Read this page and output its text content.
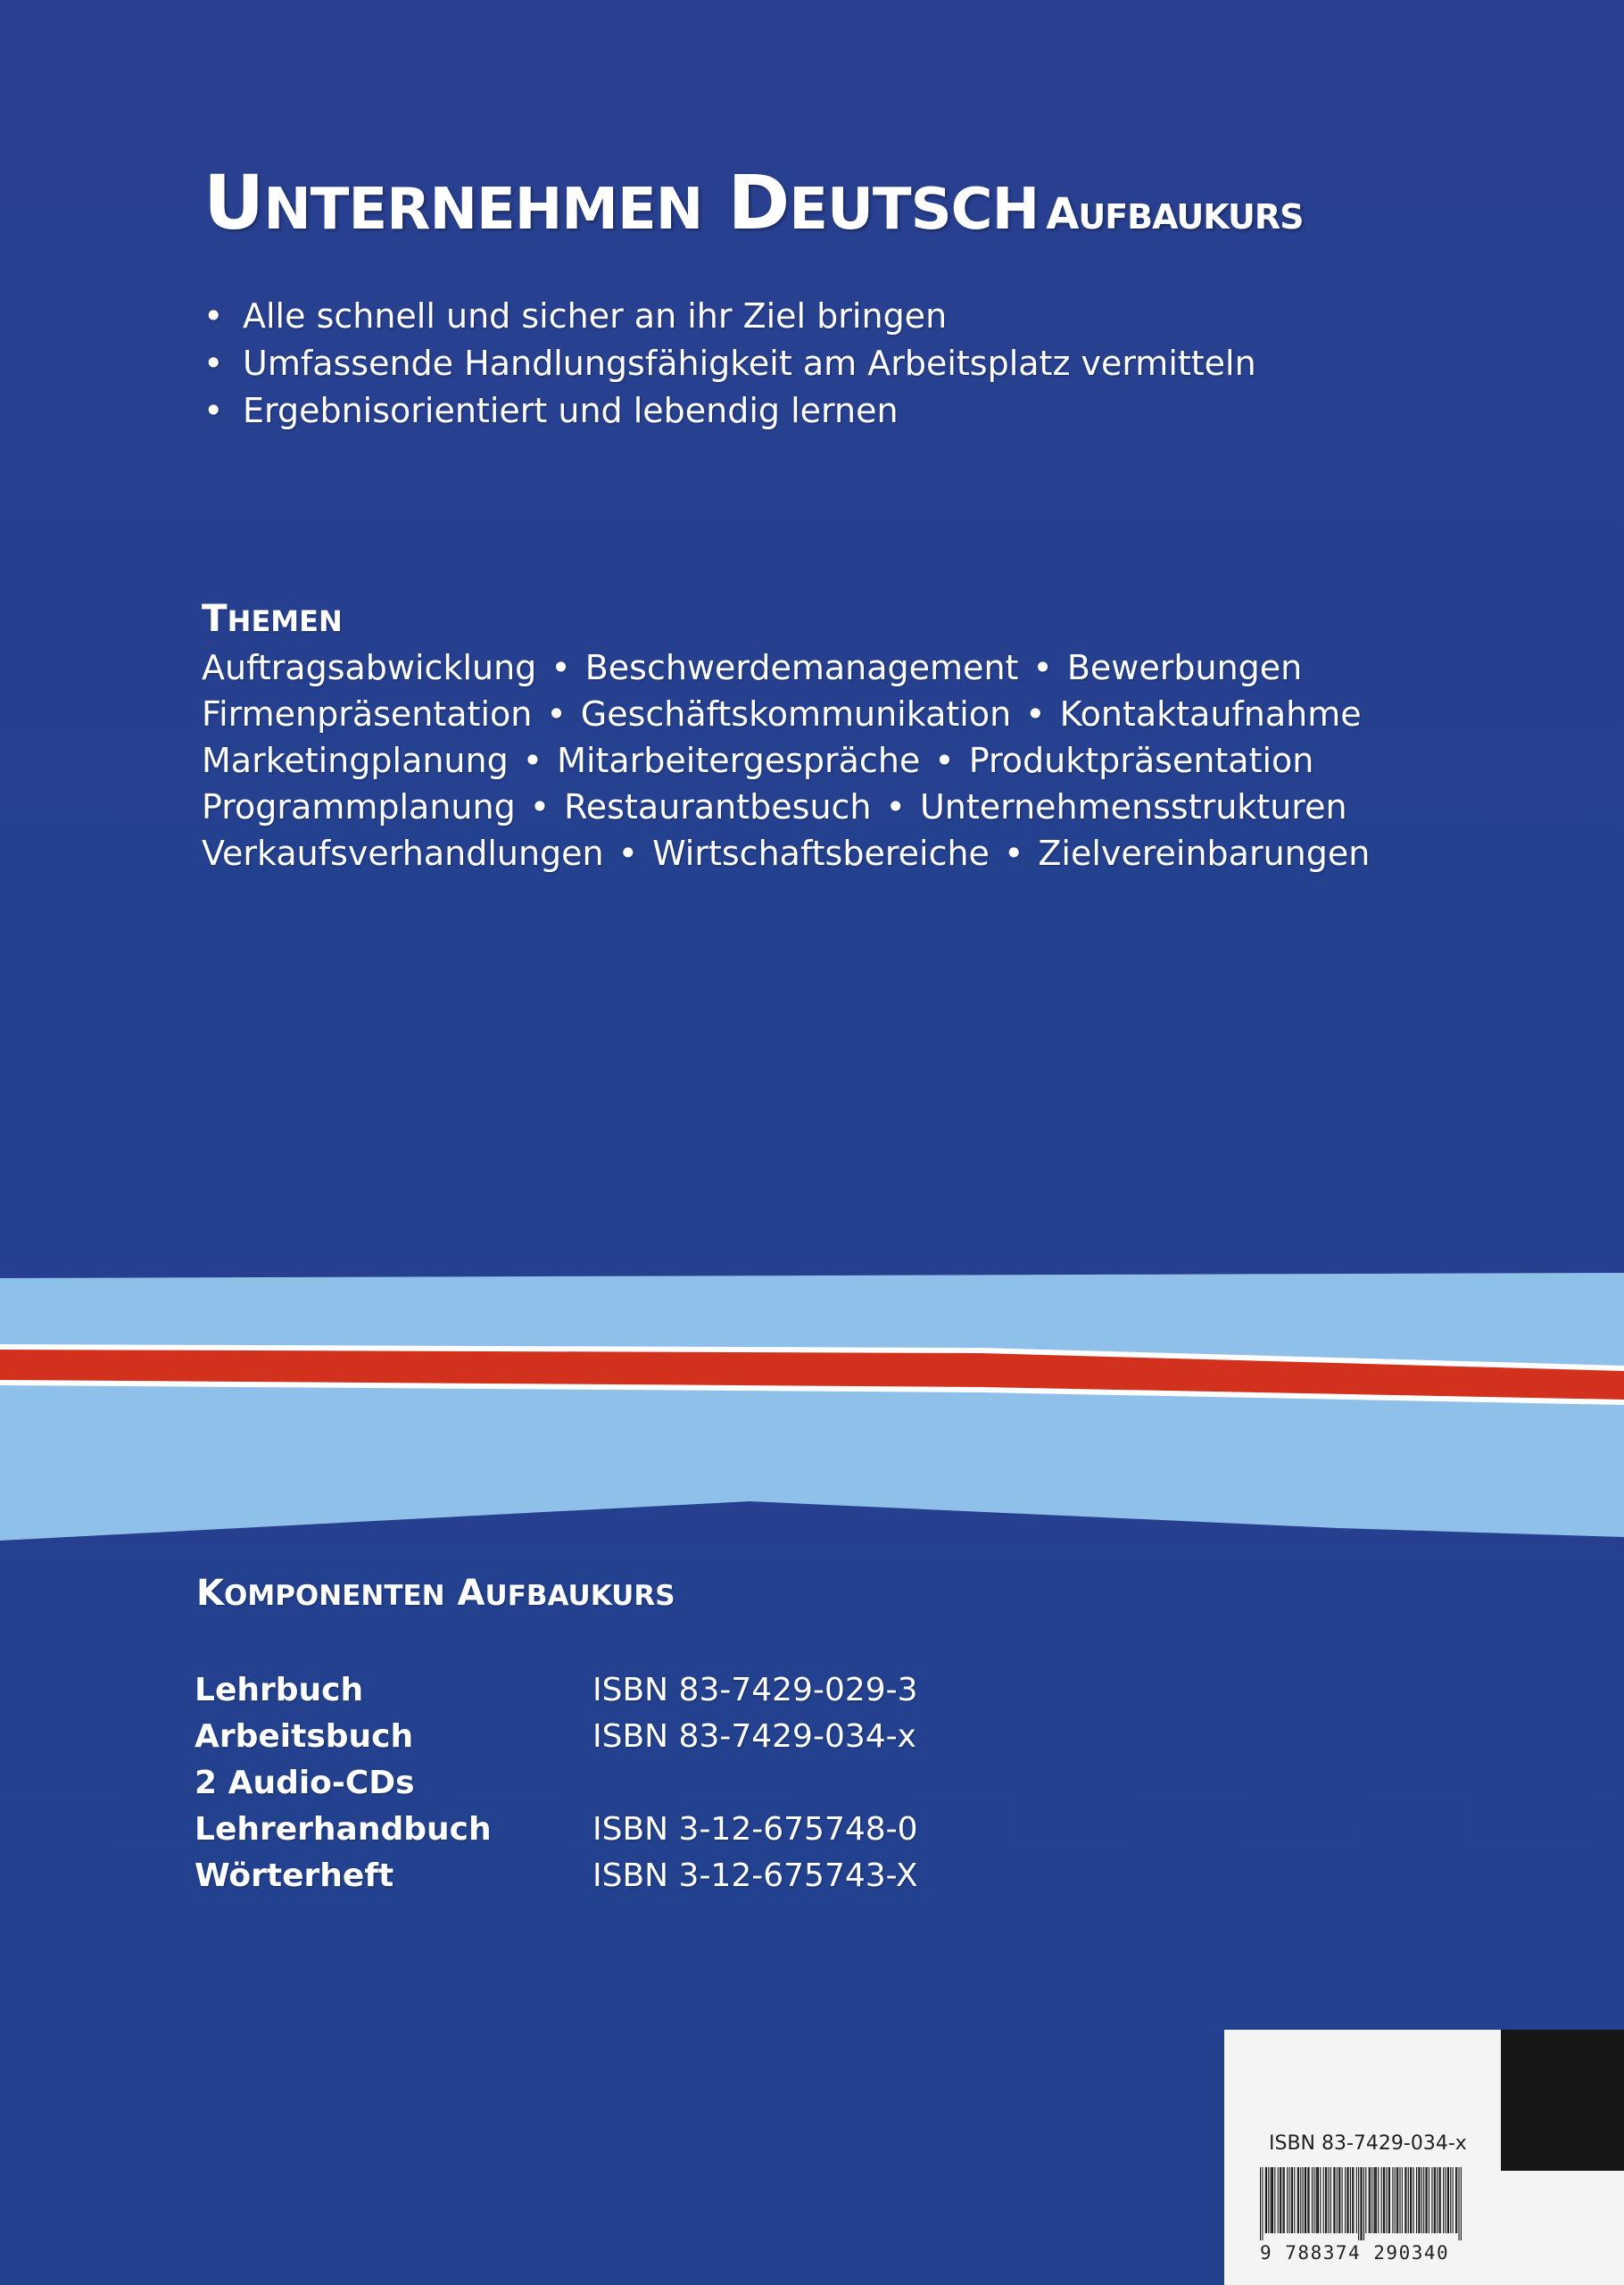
UNTERNEHMEN DEUTSCH AUFBAUKURS
• Alle schnell und sicher an ihr Ziel bringen
• Umfassende Handlungsfähigkeit am Arbeitsplatz vermitteln
• Ergebnisorientiert und lebendig lernen
THEMEN
Auftragsabwicklung • Beschwerdemanagement • Bewerbungen
Firmenpräsentation • Geschäftskommunikation • Kontaktaufnahme
Marketingplanung • Mitarbeitergespräche • Produktpräsentation
Programmplanung • Restaurantbesuch • Unternehmensstrukturen
Verkaufsverhandlungen • Wirtschaftsbereiche • Zielvereinbarungen
KOMPONENTEN AUFBAUKURS
Lehrbuch	ISBN 83-7429-029-3
Arbeitsbuch	ISBN 83-7429-034-x
2 Audio-CDs
Lehrerhandbuch	ISBN 3-12-675748-0
Wörterheft	ISBN 3-12-675743-X
ISBN 83-7429-034-x
9 788374 290340
